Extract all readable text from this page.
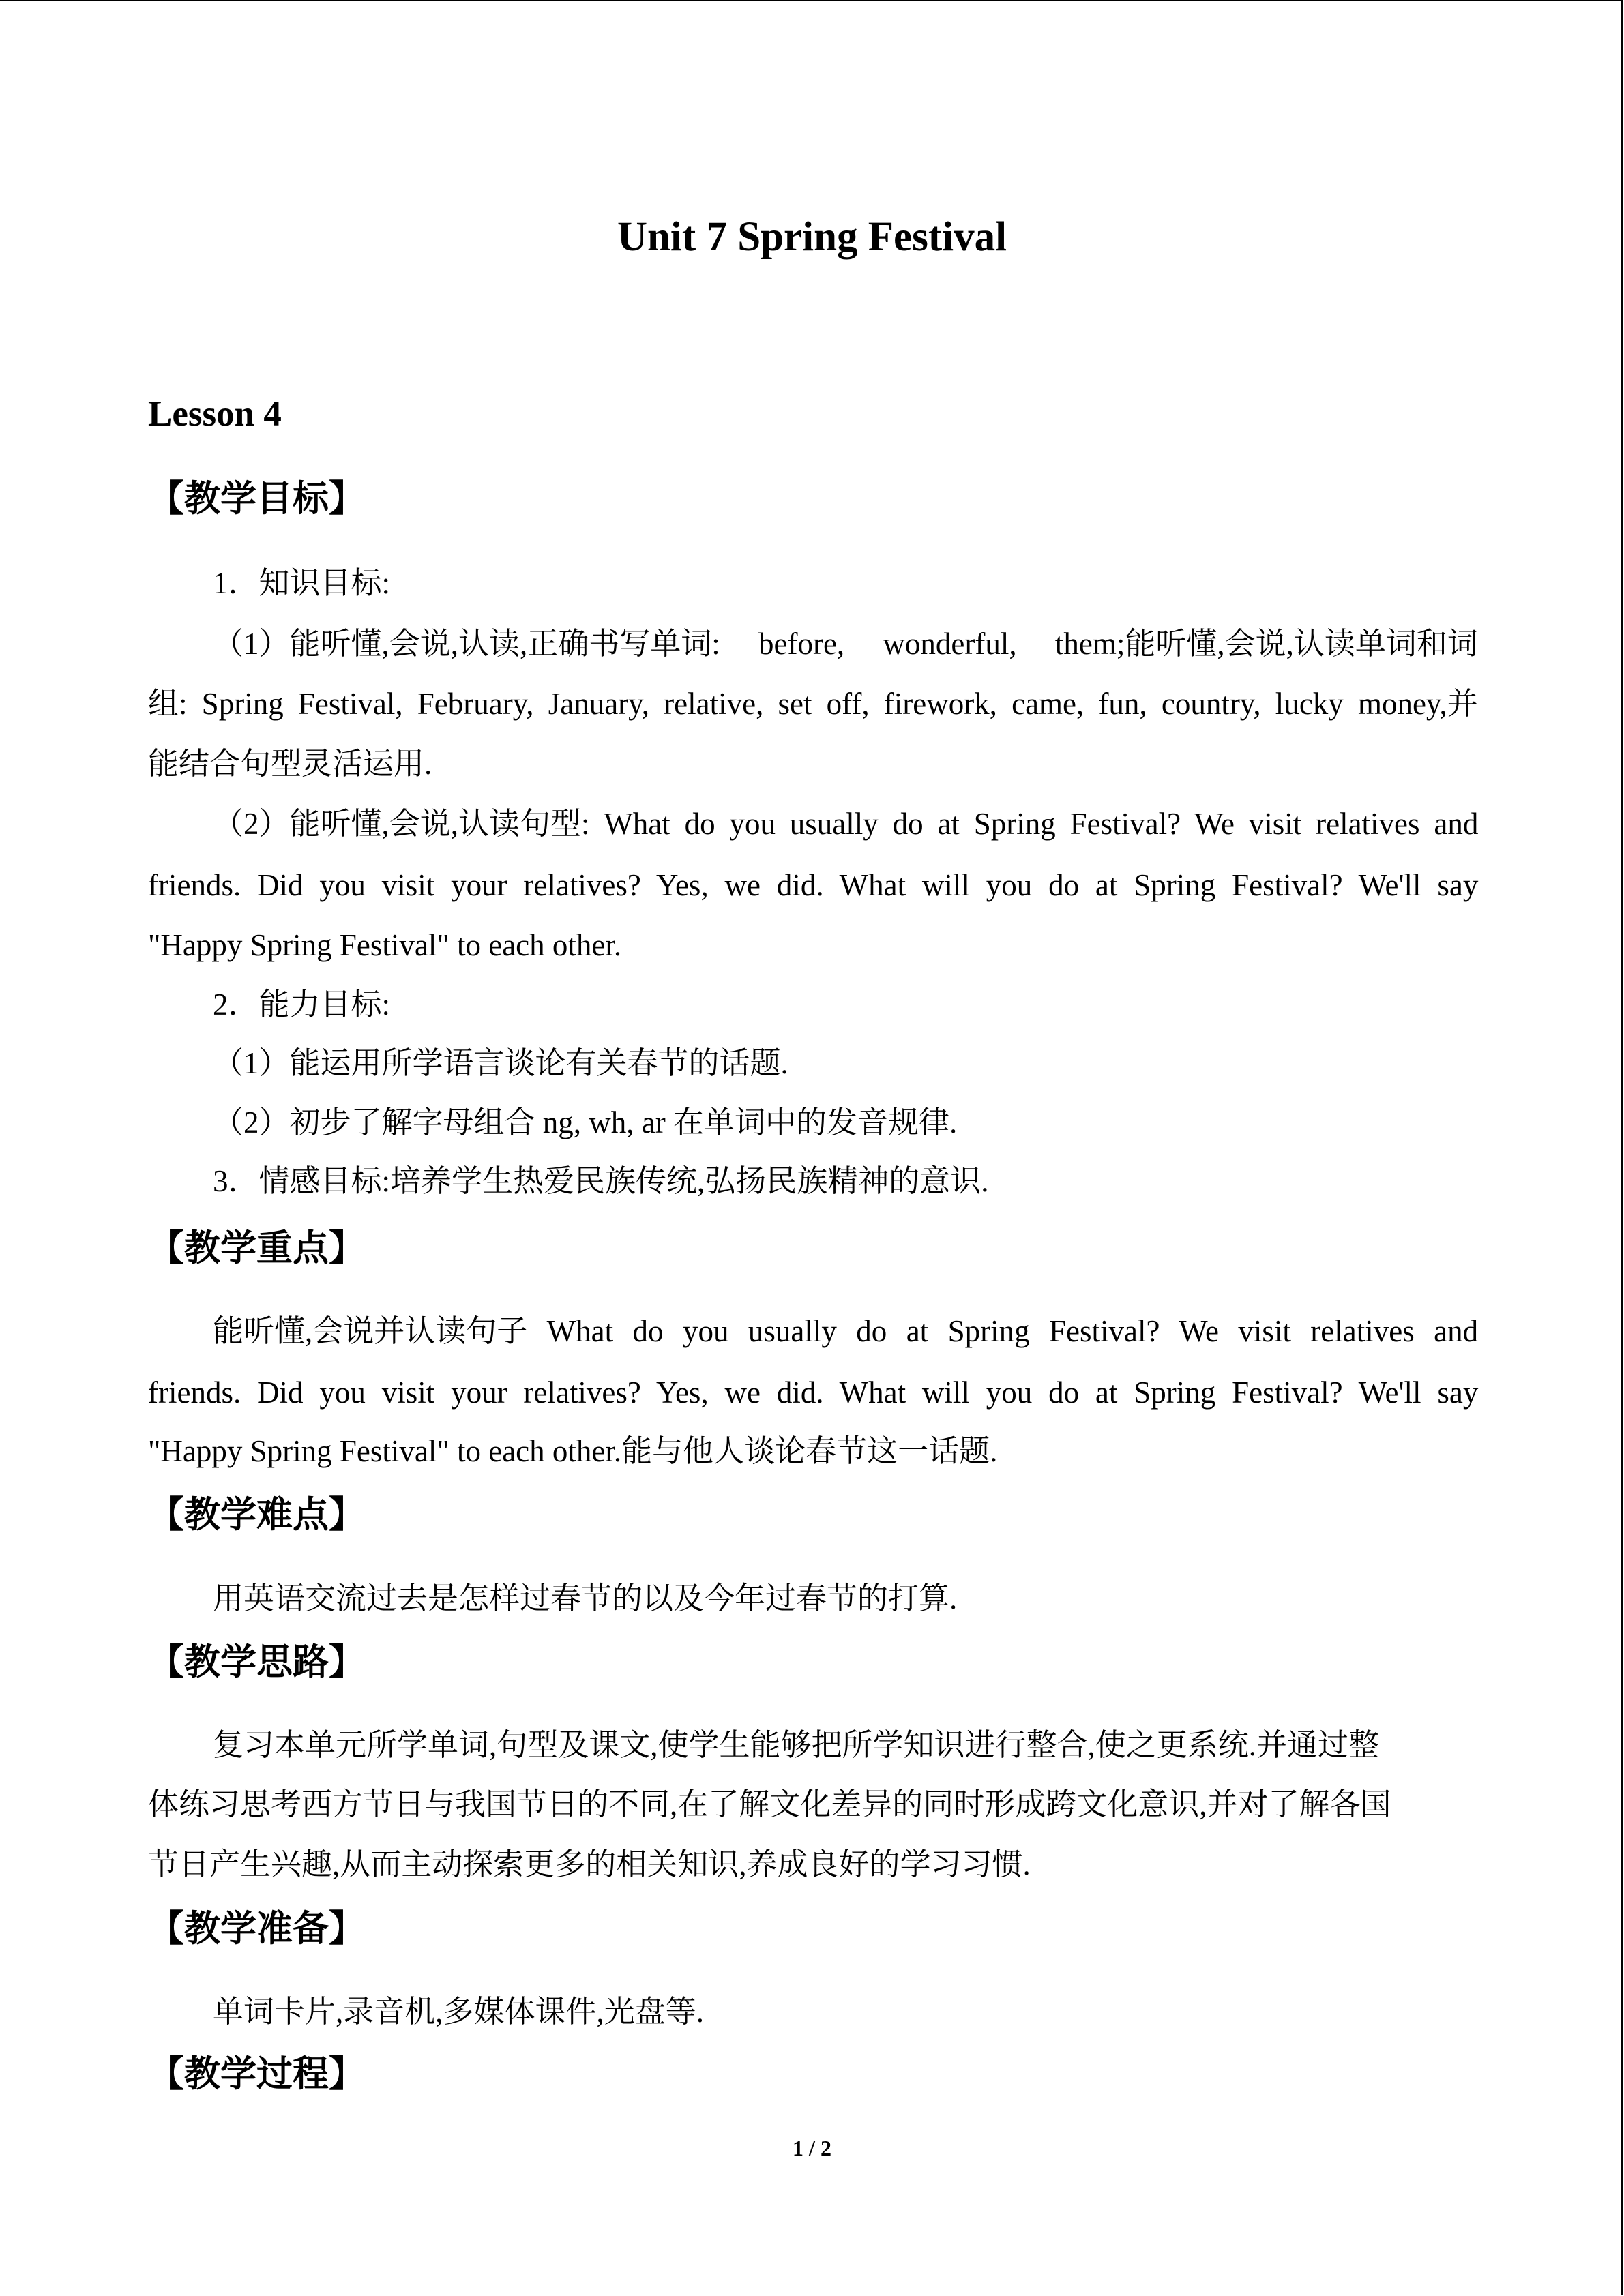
Unit 7 Spring Festival
Lesson 4
【教学目标】
1．知识目标:
（1）能听懂,会说,认读,正确书写单词: before, wonderful, them;能听懂,会说,认读单词和词
组: Spring Festival, February, January, relative, set off, firework, came, fun, country, lucky money,并
能结合句型灵活运用.
（2）能听懂,会说,认读句型: What do you usually do at Spring Festival? We visit relatives and
friends. Did you visit your relatives? Yes, we did. What will you do at Spring Festival? We'll say
"Happy Spring Festival" to each other.
2．能力目标:
（1）能运用所学语言谈论有关春节的话题.
（2）初步了解字母组合 ng, wh, ar 在单词中的发音规律.
3．情感目标:培养学生热爱民族传统,弘扬民族精神的意识.
【教学重点】
能听懂,会说并认读句子 What do you usually do at Spring Festival? We visit relatives and
friends. Did you visit your relatives? Yes, we did. What will you do at Spring Festival? We'll say
"Happy Spring Festival" to each other.能与他人谈论春节这一话题.
【教学难点】
用英语交流过去是怎样过春节的以及今年过春节的打算.
【教学思路】
复习本单元所学单词,句型及课文,使学生能够把所学知识进行整合,使之更系统.并通过整
体练习思考西方节日与我国节日的不同,在了解文化差异的同时形成跨文化意识,并对了解各国
节日产生兴趣,从而主动探索更多的相关知识,养成良好的学习习惯.
【教学准备】
单词卡片,录音机,多媒体课件,光盘等.
【教学过程】
1 / 2
